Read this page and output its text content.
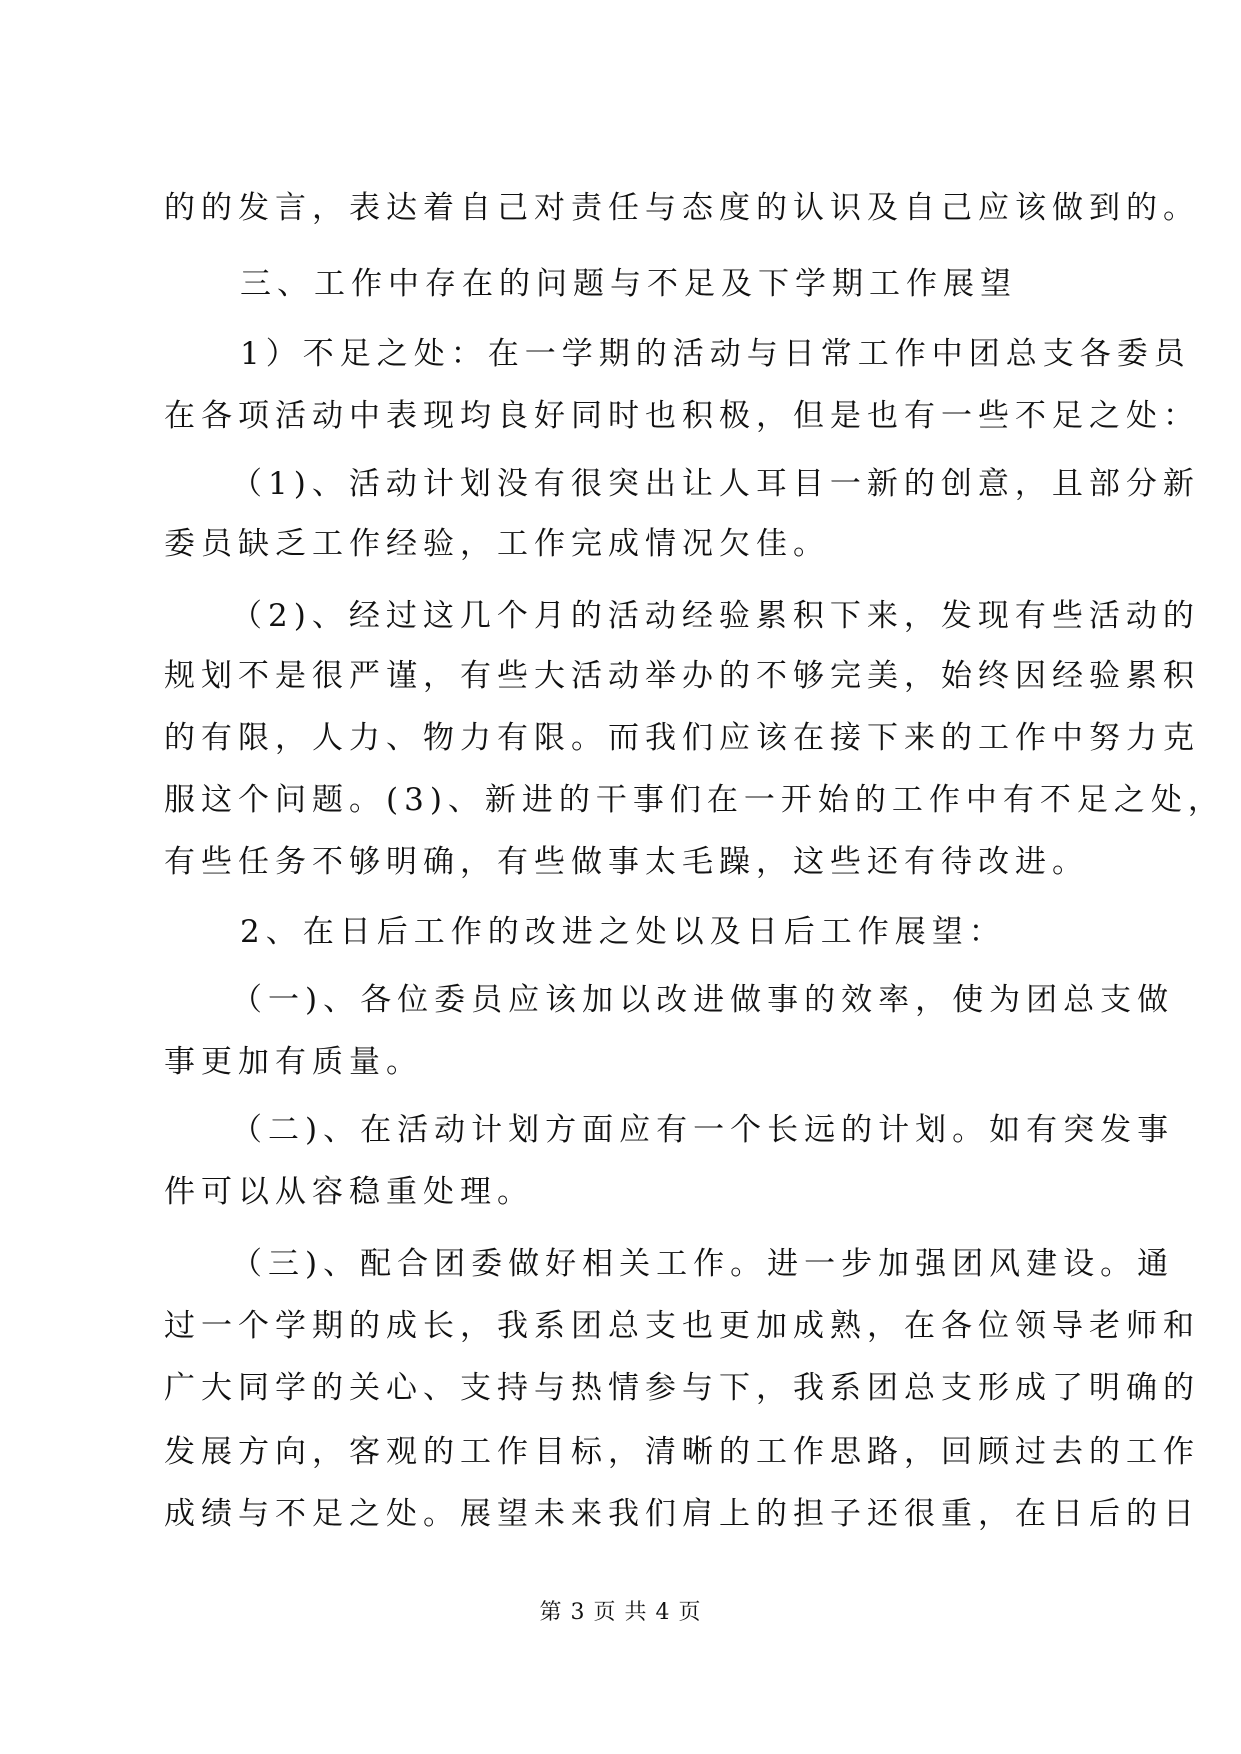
的的发言，表达着自己对责任与态度的认识及自己应该做到的。
三、工作中存在的问题与不足及下学期工作展望
1）不足之处：在一学期的活动与日常工作中团总支各委员
在各项活动中表现均良好同时也积极，但是也有一些不足之处：
（1)、活动计划没有很突出让人耳目一新的创意，且部分新
委员缺乏工作经验，工作完成情况欠佳。
（2)、经过这几个月的活动经验累积下来，发现有些活动的
规划不是很严谨，有些大活动举办的不够完美，始终因经验累积
的有限，人力、物力有限。而我们应该在接下来的工作中努力克
服这个问题。(3)、新进的干事们在一开始的工作中有不足之处，
有些任务不够明确，有些做事太毛躁，这些还有待改进。
2、在日后工作的改进之处以及日后工作展望：
（一)、各位委员应该加以改进做事的效率，使为团总支做
事更加有质量。
（二)、在活动计划方面应有一个长远的计划。如有突发事
件可以从容稳重处理。
（三)、配合团委做好相关工作。进一步加强团风建设。通
过一个学期的成长，我系团总支也更加成熟，在各位领导老师和
广大同学的关心、支持与热情参与下，我系团总支形成了明确的
发展方向，客观的工作目标，清晰的工作思路，回顾过去的工作
成绩与不足之处。展望未来我们肩上的担子还很重，在日后的日
第 3 页 共 4 页
